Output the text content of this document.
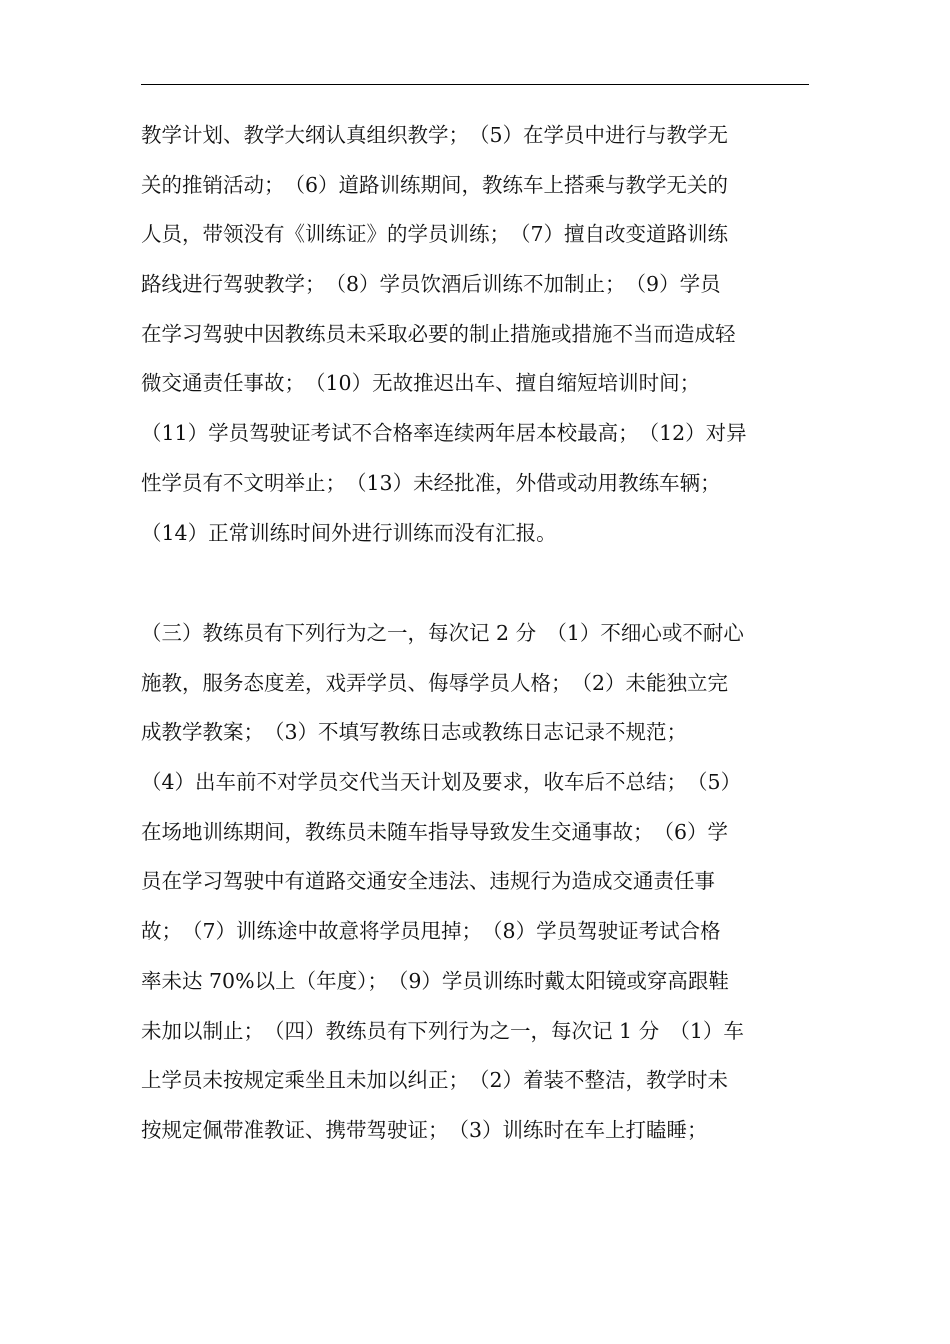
教学计划、教学大纲认真组织教学；　（5）在学员中进行与教学无
关的推销活动；　（6）道路训练期间，教练车上搭乘与教学无关的
人员，带领没有《训练证》的学员训练；　（7）擅自改变道路训练
路线进行驾驶教学；　（8）学员饮酒后训练不加制止；　（9）学员
在学习驾驶中因教练员未采取必要的制止措施或措施不当而造成轻
微交通责任事故；　（10）无故推迟出车、擅自缩短培训时间；
（11）学员驾驶证考试不合格率连续两年居本校最高；　（12）对异
性学员有不文明举止；　（13）未经批准，外借或动用教练车辆；
（14）正常训练时间外进行训练而没有汇报。
（三）教练员有下列行为之一，每次记 2 分　（1）不细心或不耐心
施教，服务态度差，戏弄学员、侮辱学员人格；　（2）未能独立完
成教学教案；　（3）不填写教练日志或教练日志记录不规范；
（4）出车前不对学员交代当天计划及要求，收车后不总结；　（5）
在场地训练期间，教练员未随车指导导致发生交通事故；　（6）学
员在学习驾驶中有道路交通安全违法、违规行为造成交通责任事
故；　（7）训练途中故意将学员甩掉；　（8）学员驾驶证考试合格
率未达 70%以上（年度）；　（9）学员训练时戴太阳镜或穿高跟鞋
未加以制止；　（四）教练员有下列行为之一，每次记 1 分　（1）车
上学员未按规定乘坐且未加以纠正；　（2）着装不整洁，教学时未
按规定佩带准教证、携带驾驶证；　（3）训练时在车上打瞌睡；
